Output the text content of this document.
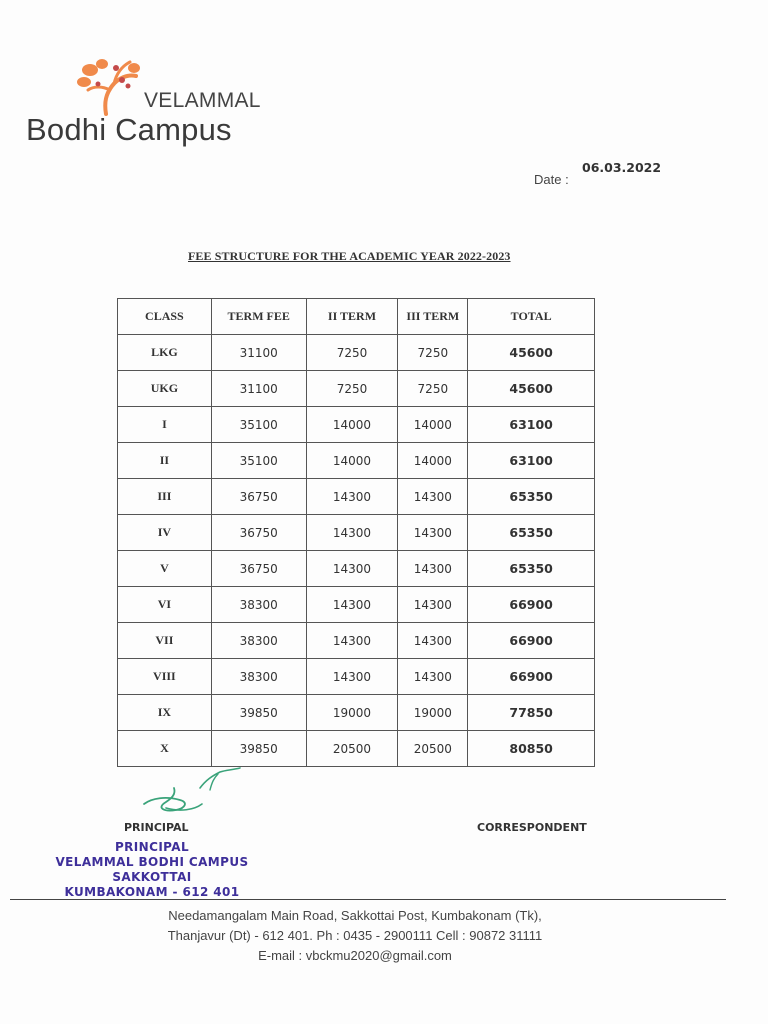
VELAMMAL
Bodhi Campus
06.03.2022
Date :
FEE STRUCTURE FOR THE ACADEMIC YEAR 2022-2023
CLASS	TERM FEE	II TERM	III TERM	TOTAL
LKG	31100	7250	7250	45600
UKG	31100	7250	7250	45600
I	35100	14000	14000	63100
II	35100	14000	14000	63100
III	36750	14300	14300	65350
IV	36750	14300	14300	65350
V	36750	14300	14300	65350
VI	38300	14300	14300	66900
VII	38300	14300	14300	66900
VIII	38300	14300	14300	66900
IX	39850	19000	19000	77850
X	39850	20500	20500	80850
PRINCIPAL	CORRESPONDENT
PRINCIPAL
VELAMMAL BODHI CAMPUS
SAKKOTTAI
KUMBAKONAM - 612 401
Needamangalam Main Road, Sakkottai Post, Kumbakonam (Tk),
Thanjavur (Dt) - 612 401. Ph : 0435 - 2900111 Cell : 90872 31111
E-mail : vbckmu2020@gmail.com
